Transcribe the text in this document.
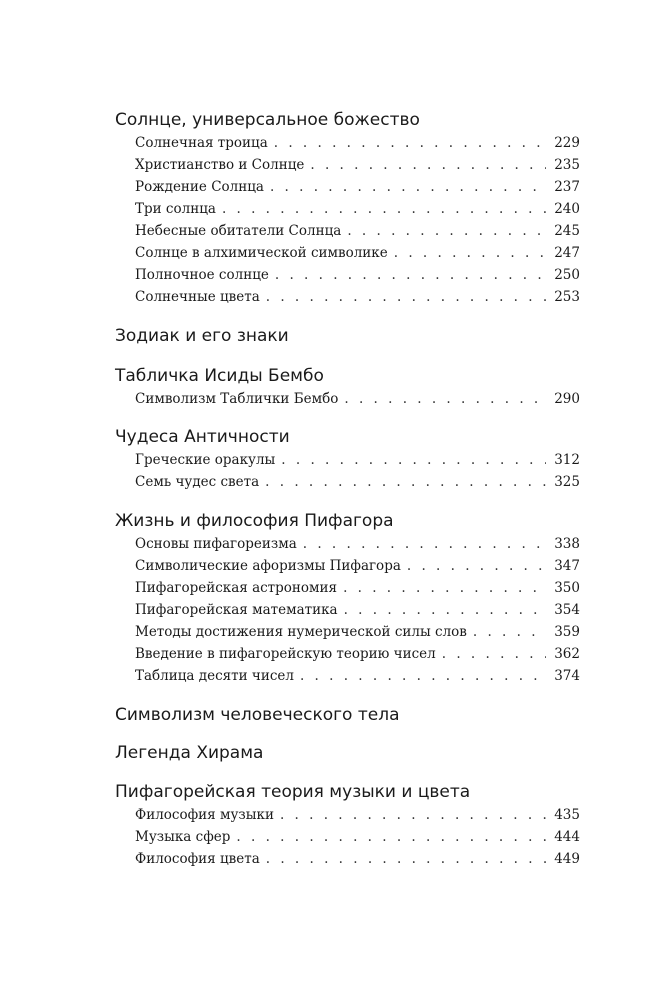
Солнце, универсальное божество
Солнечная троица . . .	229
Христианство и Солнце . . .	235
Рождение Солнца . . .	237
Три солнца . . .	240
Небесные обитатели Солнца . . .	245
Солнце в алхимической символике . . .	247
Полночное солнце . . .	250
Солнечные цвета . . .	253
Зодиак и его знаки
Табличка Исиды Бембо
Символизм Таблички Бембо . . .	290
Чудеса Античности
Греческие оракулы . . .	312
Семь чудес света . . .	325
Жизнь и философия Пифагора
Основы пифагореизма . . .	338
Символические афоризмы Пифагора . . .	347
Пифагорейская астрономия . . .	350
Пифагорейская математика . . .	354
Методы достижения нумерической силы слов . . .	359
Введение в пифагорейскую теорию чисел . . .	362
Таблица десяти чисел . . .	374
Символизм человеческого тела
Легенда Хирама
Пифагорейская теория музыки и цвета
Философия музыки . . .	435
Музыка сфер . . .	444
Философия цвета . . .	449
